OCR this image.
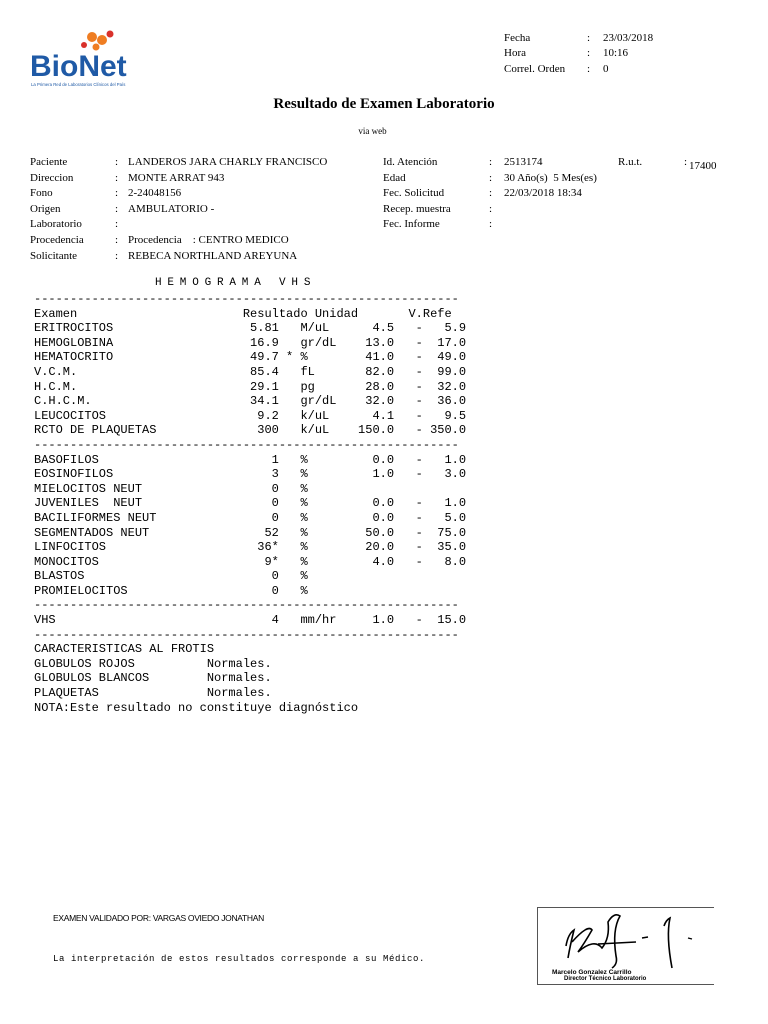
BioNet
La Primera Red de Laboratorios Clínicos del País
Fecha	: 23/03/2018
Hora	: 10:16
Correl. Orden : 0
Resultado de Examen Laboratorio
via web
Paciente	: LANDEROS JARA CHARLY FRANCISCO
Direccion	: MONTE ARRAT 943
Fono	: 2-24048156
Origen	: AMBULATORIO -
Laboratorio	:
Procedencia	: Procedencia    : CENTRO MEDICO
Solicitante	: REBECA NORTHLAND AREYUNA
Id. Atención	: 2513174
Edad	: 30 Año(s)  5 Mes(es)
Fec. Solicitud	: 22/03/2018 18:34
Recep. muestra	:
Fec. Informe	:
R.u.t.	: 17400
HEMOGRAMA VHS
-----------------------------------------------------------
Examen                       Resultado Unidad       V.Refe
ERITROCITOS                   5.81   M/uL      4.5   -   5.9
HEMOGLOBINA                   16.9   gr/dL    13.0   -  17.0
HEMATOCRITO                   49.7 * %        41.0   -  49.0
V.C.M.                        85.4   fL       82.0   -  99.0
H.C.M.                        29.1   pg       28.0   -  32.0
C.H.C.M.                      34.1   gr/dL    32.0   -  36.0
LEUCOCITOS                     9.2   k/uL      4.1   -   9.5
RCTO DE PLAQUETAS              300   k/uL    150.0   - 350.0
-----------------------------------------------------------
BASOFILOS                        1   %         0.0   -   1.0
EOSINOFILOS                      3   %         1.0   -   3.0
MIELOCITOS NEUT                  0   %
JUVENILES  NEUT                  0   %         0.0   -   1.0
BACILIFORMES NEUT                0   %         0.0   -   5.0
SEGMENTADOS NEUT                52   %        50.0   -  75.0
LINFOCITOS                     36*   %        20.0   -  35.0
MONOCITOS                       9*   %         4.0   -   8.0
BLASTOS                          0   %
PROMIELOCITOS                    0   %
-----------------------------------------------------------
VHS                              4   mm/hr     1.0   -  15.0
-----------------------------------------------------------
CARACTERISTICAS AL FROTIS
GLOBULOS ROJOS          Normales.
GLOBULOS BLANCOS        Normales.
PLAQUETAS               Normales.
NOTA:Este resultado no constituye diagnóstico
EXAMEN VALIDADO POR: VARGAS OVIEDO JONATHAN
La interpretación de estos resultados corresponde a su Médico.
Marcelo Gonzalez Carrillo
Director Técnico Laboratorio
